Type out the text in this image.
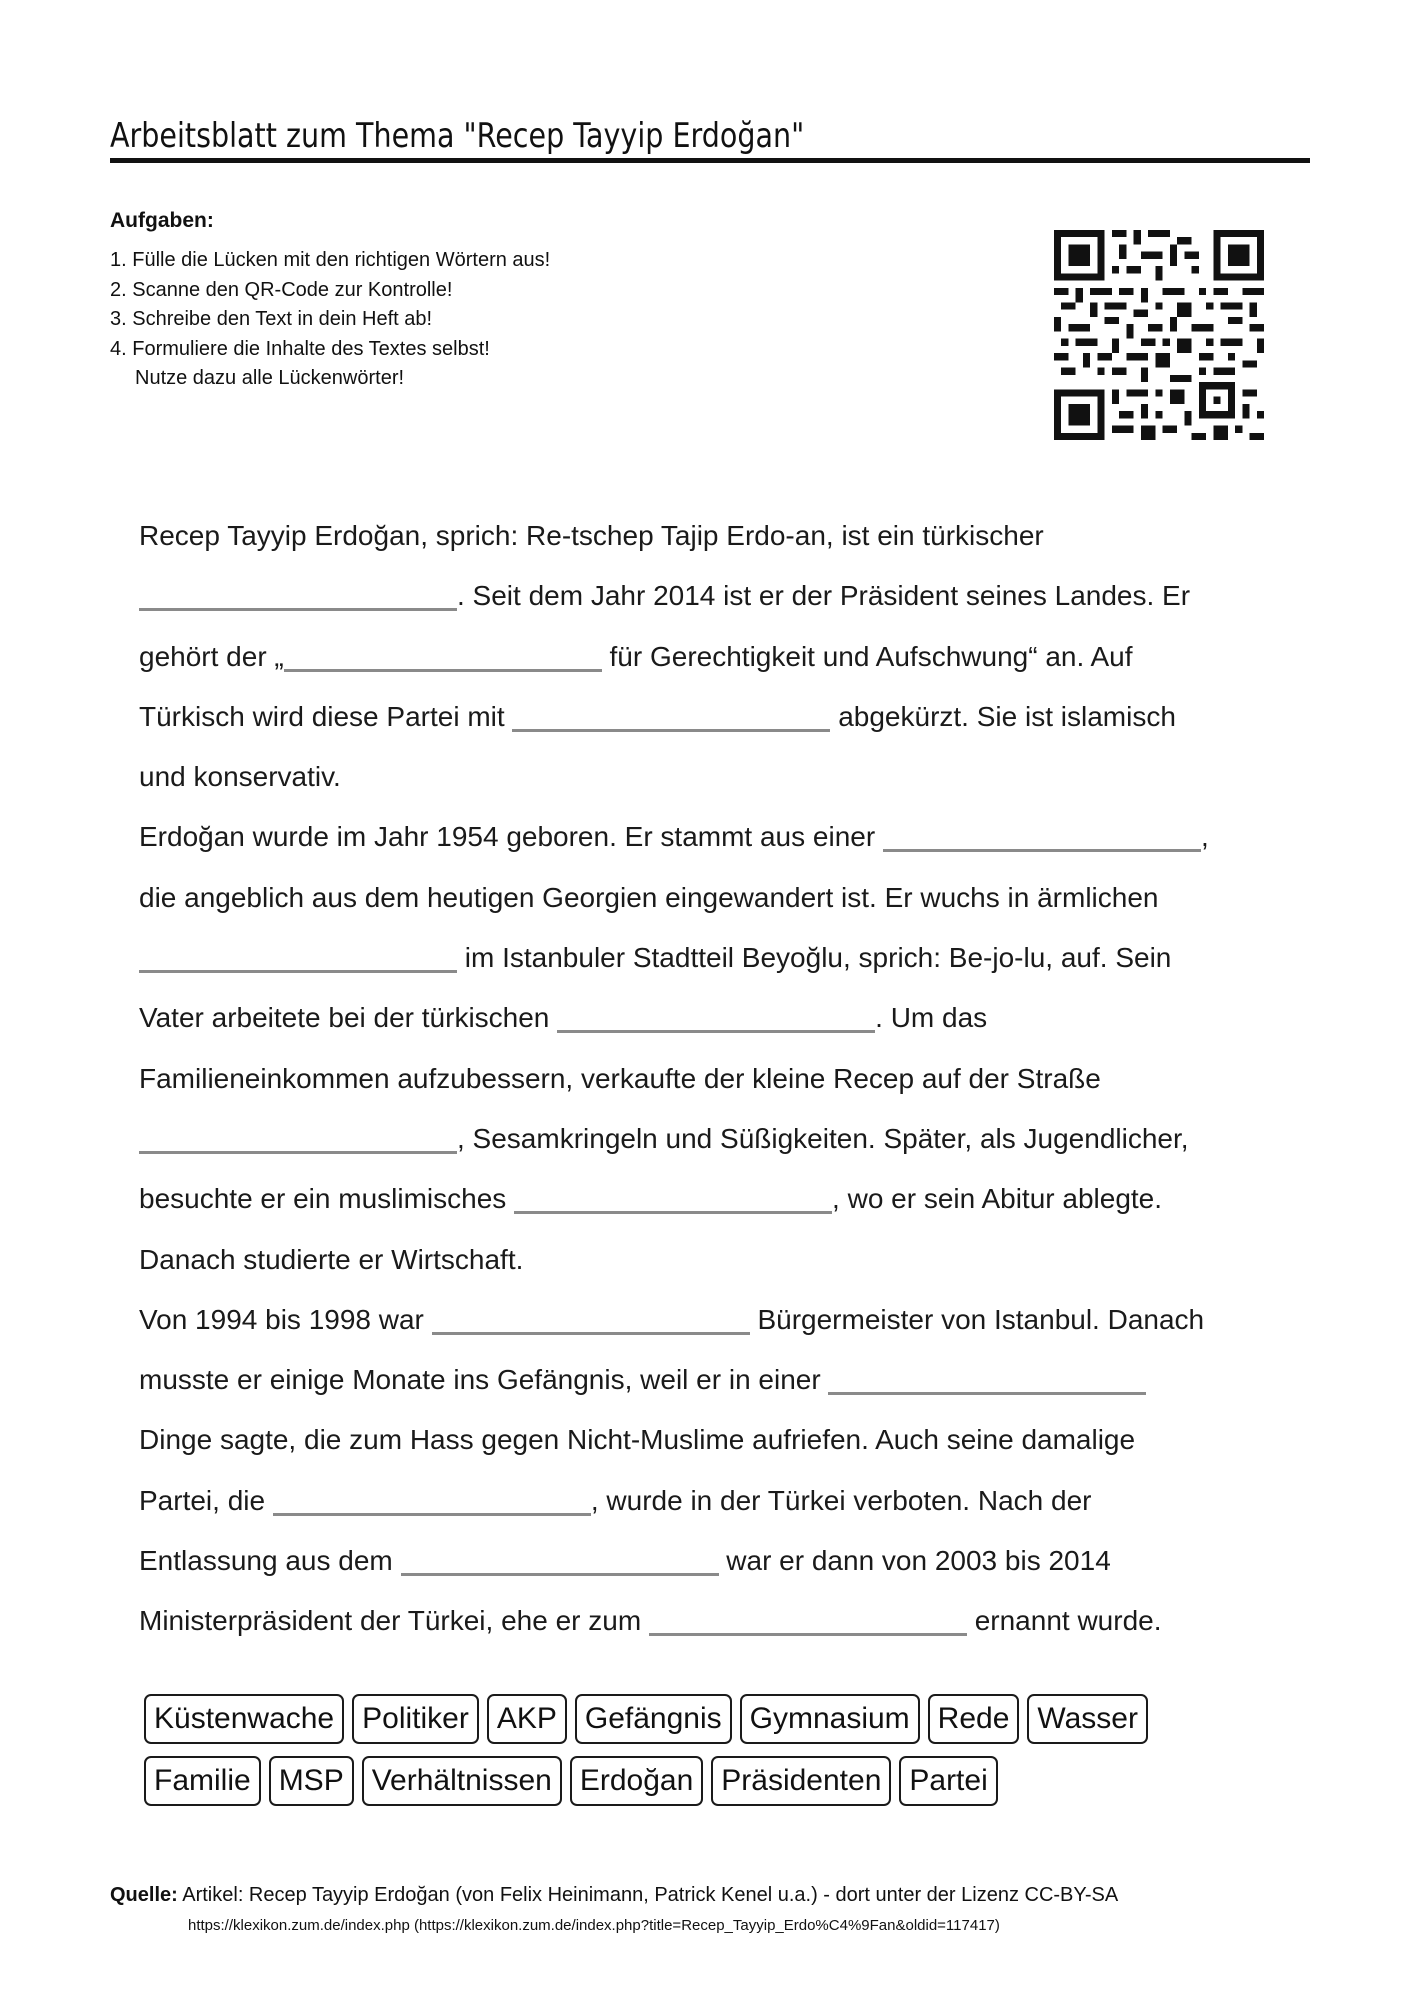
Arbeitsblatt zum Thema "Recep Tayyip Erdoğan"
Aufgaben:
1. Fülle die Lücken mit den richtigen Wörtern aus!
2. Scanne den QR-Code zur Kontrolle!
3. Schreibe den Text in dein Heft ab!
4. Formuliere die Inhalte des Textes selbst!
Nutze dazu alle Lückenwörter!
Recep Tayyip Erdoğan, sprich: Re-tschep Tajip Erdo-an, ist ein türkischer
. Seit dem Jahr 2014 ist er der Präsident seines Landes. Er
gehört der „	für Gerechtigkeit und Aufschwung“ an. Auf
Türkisch wird diese Partei mit	abgekürzt. Sie ist islamisch
und konservativ.
Erdoğan wurde im Jahr 1954 geboren. Er stammt aus einer	,
die angeblich aus dem heutigen Georgien eingewandert ist. Er wuchs in ärmlichen
im Istanbuler Stadtteil Beyoğlu, sprich: Be-jo-lu, auf. Sein
Vater arbeitete bei der türkischen	. Um das
Familieneinkommen aufzubessern, verkaufte der kleine Recep auf der Straße
, Sesamkringeln und Süßigkeiten. Später, als Jugendlicher,
besuchte er ein muslimisches	, wo er sein Abitur ablegte.
Danach studierte er Wirtschaft.
Von 1994 bis 1998 war	Bürgermeister von Istanbul. Danach
musste er einige Monate ins Gefängnis, weil er in einer
Dinge sagte, die zum Hass gegen Nicht-Muslime aufriefen. Auch seine damalige
Partei, die	, wurde in der Türkei verboten. Nach der
Entlassung aus dem	war er dann von 2003 bis 2014
Ministerpräsident der Türkei, ehe er zum	ernannt wurde.
Küstenwache Politiker AKP Gefängnis Gymnasium Rede Wasser
Familie MSP Verhältnissen Erdoğan Präsidenten Partei
Quelle: Artikel: Recep Tayyip Erdoğan (von Felix Heinimann, Patrick Kenel u.a.) - dort unter der Lizenz CC-BY-SA
https://klexikon.zum.de/index.php (https://klexikon.zum.de/index.php?title=Recep_Tayyip_Erdo%C4%9Fan&oldid=117417)
